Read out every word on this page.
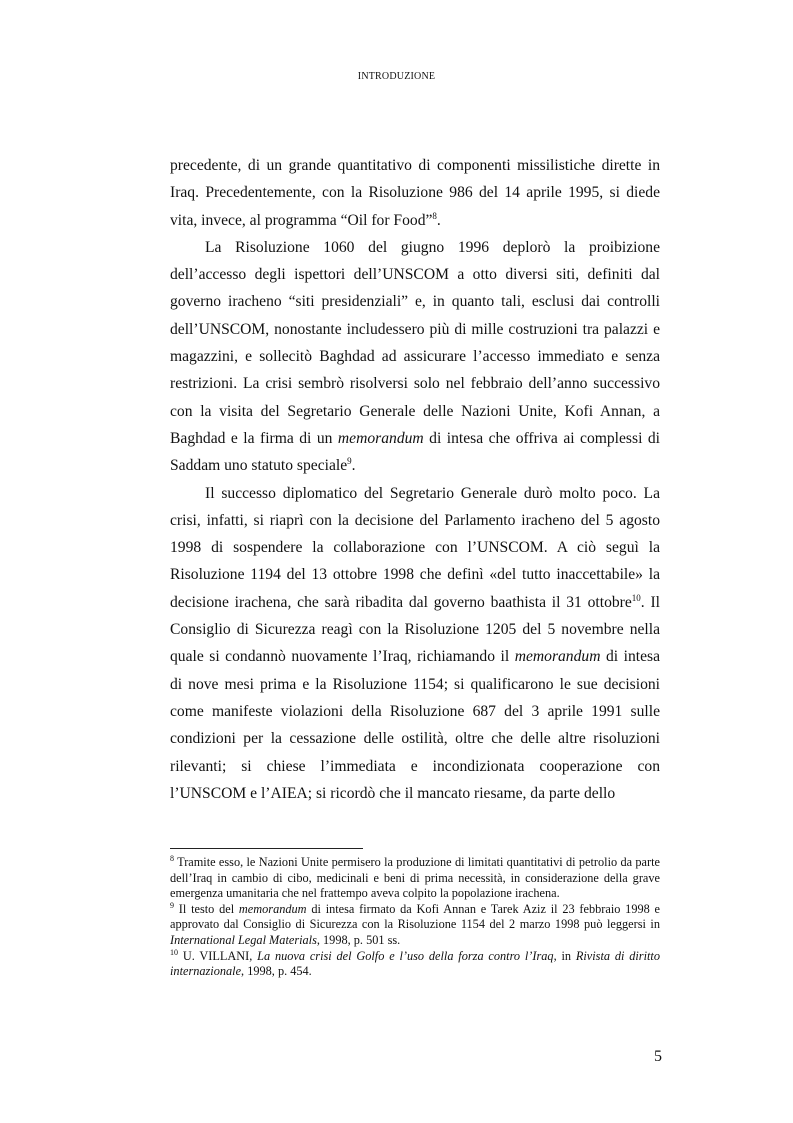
INTRODUZIONE

precedente, di un grande quantitativo di componenti missilistiche dirette in Iraq. Precedentemente, con la Risoluzione 986 del 14 aprile 1995, si diede vita, invece, al programma “Oil for Food”$^8$.

La Risoluzione 1060 del giugno 1996 deplorò la proibizione dell’accesso degli ispettori dell’UNSCOM a otto diversi siti, definiti dal governo iracheno “siti presidenziali” e, in quanto tali, esclusi dai controlli dell’UNSCOM, nonostante includessero più di mille costruzioni tra palazzi e magazzini, e sollecitò Baghdad ad assicurare l’accesso immediato e senza restrizioni. La crisi sembrò risolversi solo nel febbraio dell’anno successivo con la visita del Segretario Generale delle Nazioni Unite, Kofi Annan, a Baghdad e la firma di un memorandum di intesa che offriva ai complessi di Saddam uno statuto speciale$^9$.

Il successo diplomatico del Segretario Generale durò molto poco. La crisi, infatti, si riaprì con la decisione del Parlamento iracheno del 5 agosto 1998 di sospendere la collaborazione con l’UNSCOM. A ciò seguì la Risoluzione 1194 del 13 ottobre 1998 che definì «del tutto inaccettabile» la decisione irachena, che sarà ribadita dal governo baathista il 31 ottobre$^{10}$. Il Consiglio di Sicurezza reagì con la Risoluzione 1205 del 5 novembre nella quale si condannò nuovamente l’Iraq, richiamando il memorandum di intesa di nove mesi prima e la Risoluzione 1154; si qualificarono le sue decisioni come manifeste violazioni della Risoluzione 687 del 3 aprile 1991 sulle condizioni per la cessazione delle ostilità, oltre che delle altre risoluzioni rilevanti; si chiese l’immediata e incondizionata cooperazione con l’UNSCOM e l’AIEA; si ricordò che il mancato riesame, da parte dello

$^8$ Tramite esso, le Nazioni Unite permisero la produzione di limitati quantitativi di petrolio da parte dell’Iraq in cambio di cibo, medicinali e beni di prima necessità, in considerazione della grave emergenza umanitaria che nel frattempo aveva colpito la popolazione irachena.

$^9$ Il testo del memorandum di intesa firmato da Kofi Annan e Tarek Aziz il 23 febbraio 1998 e approvato dal Consiglio di Sicurezza con la Risoluzione 1154 del 2 marzo 1998 può leggersi in International Legal Materials, 1998, p. 501 ss.

$^{10}$ U. VILLANI, La nuova crisi del Golfo e l’uso della forza contro l’Iraq, in Rivista di diritto internazionale, 1998, p. 454.

5
